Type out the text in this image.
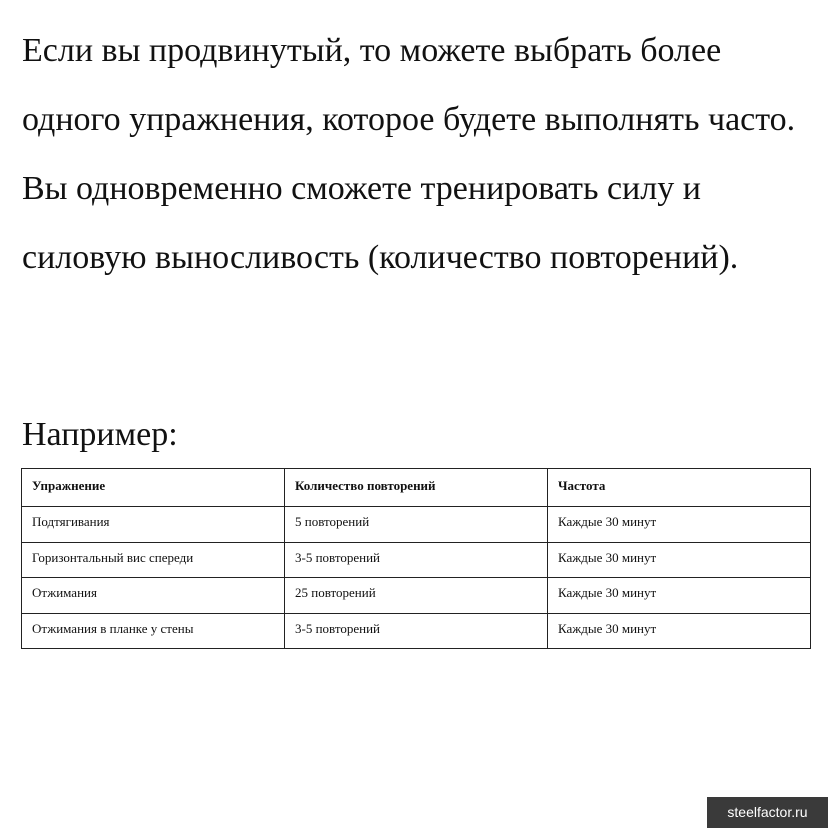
Если вы продвинутый, то можете выбрать более одного упражнения, которое будете выполнять часто. Вы одновременно сможете тренировать силу и силовую выносливость (количество повторений).

Например:

Упражнение	Количество повторений	Частота
Подтягивания	5 повторений	Каждые 30 минут
Горизонтальный вис спереди	3-5 повторений	Каждые 30 минут
Отжимания	25 повторений	Каждые 30 минут
Отжимания в планке у стены	3-5 повторений	Каждые 30 минут
steelfactor.ru
